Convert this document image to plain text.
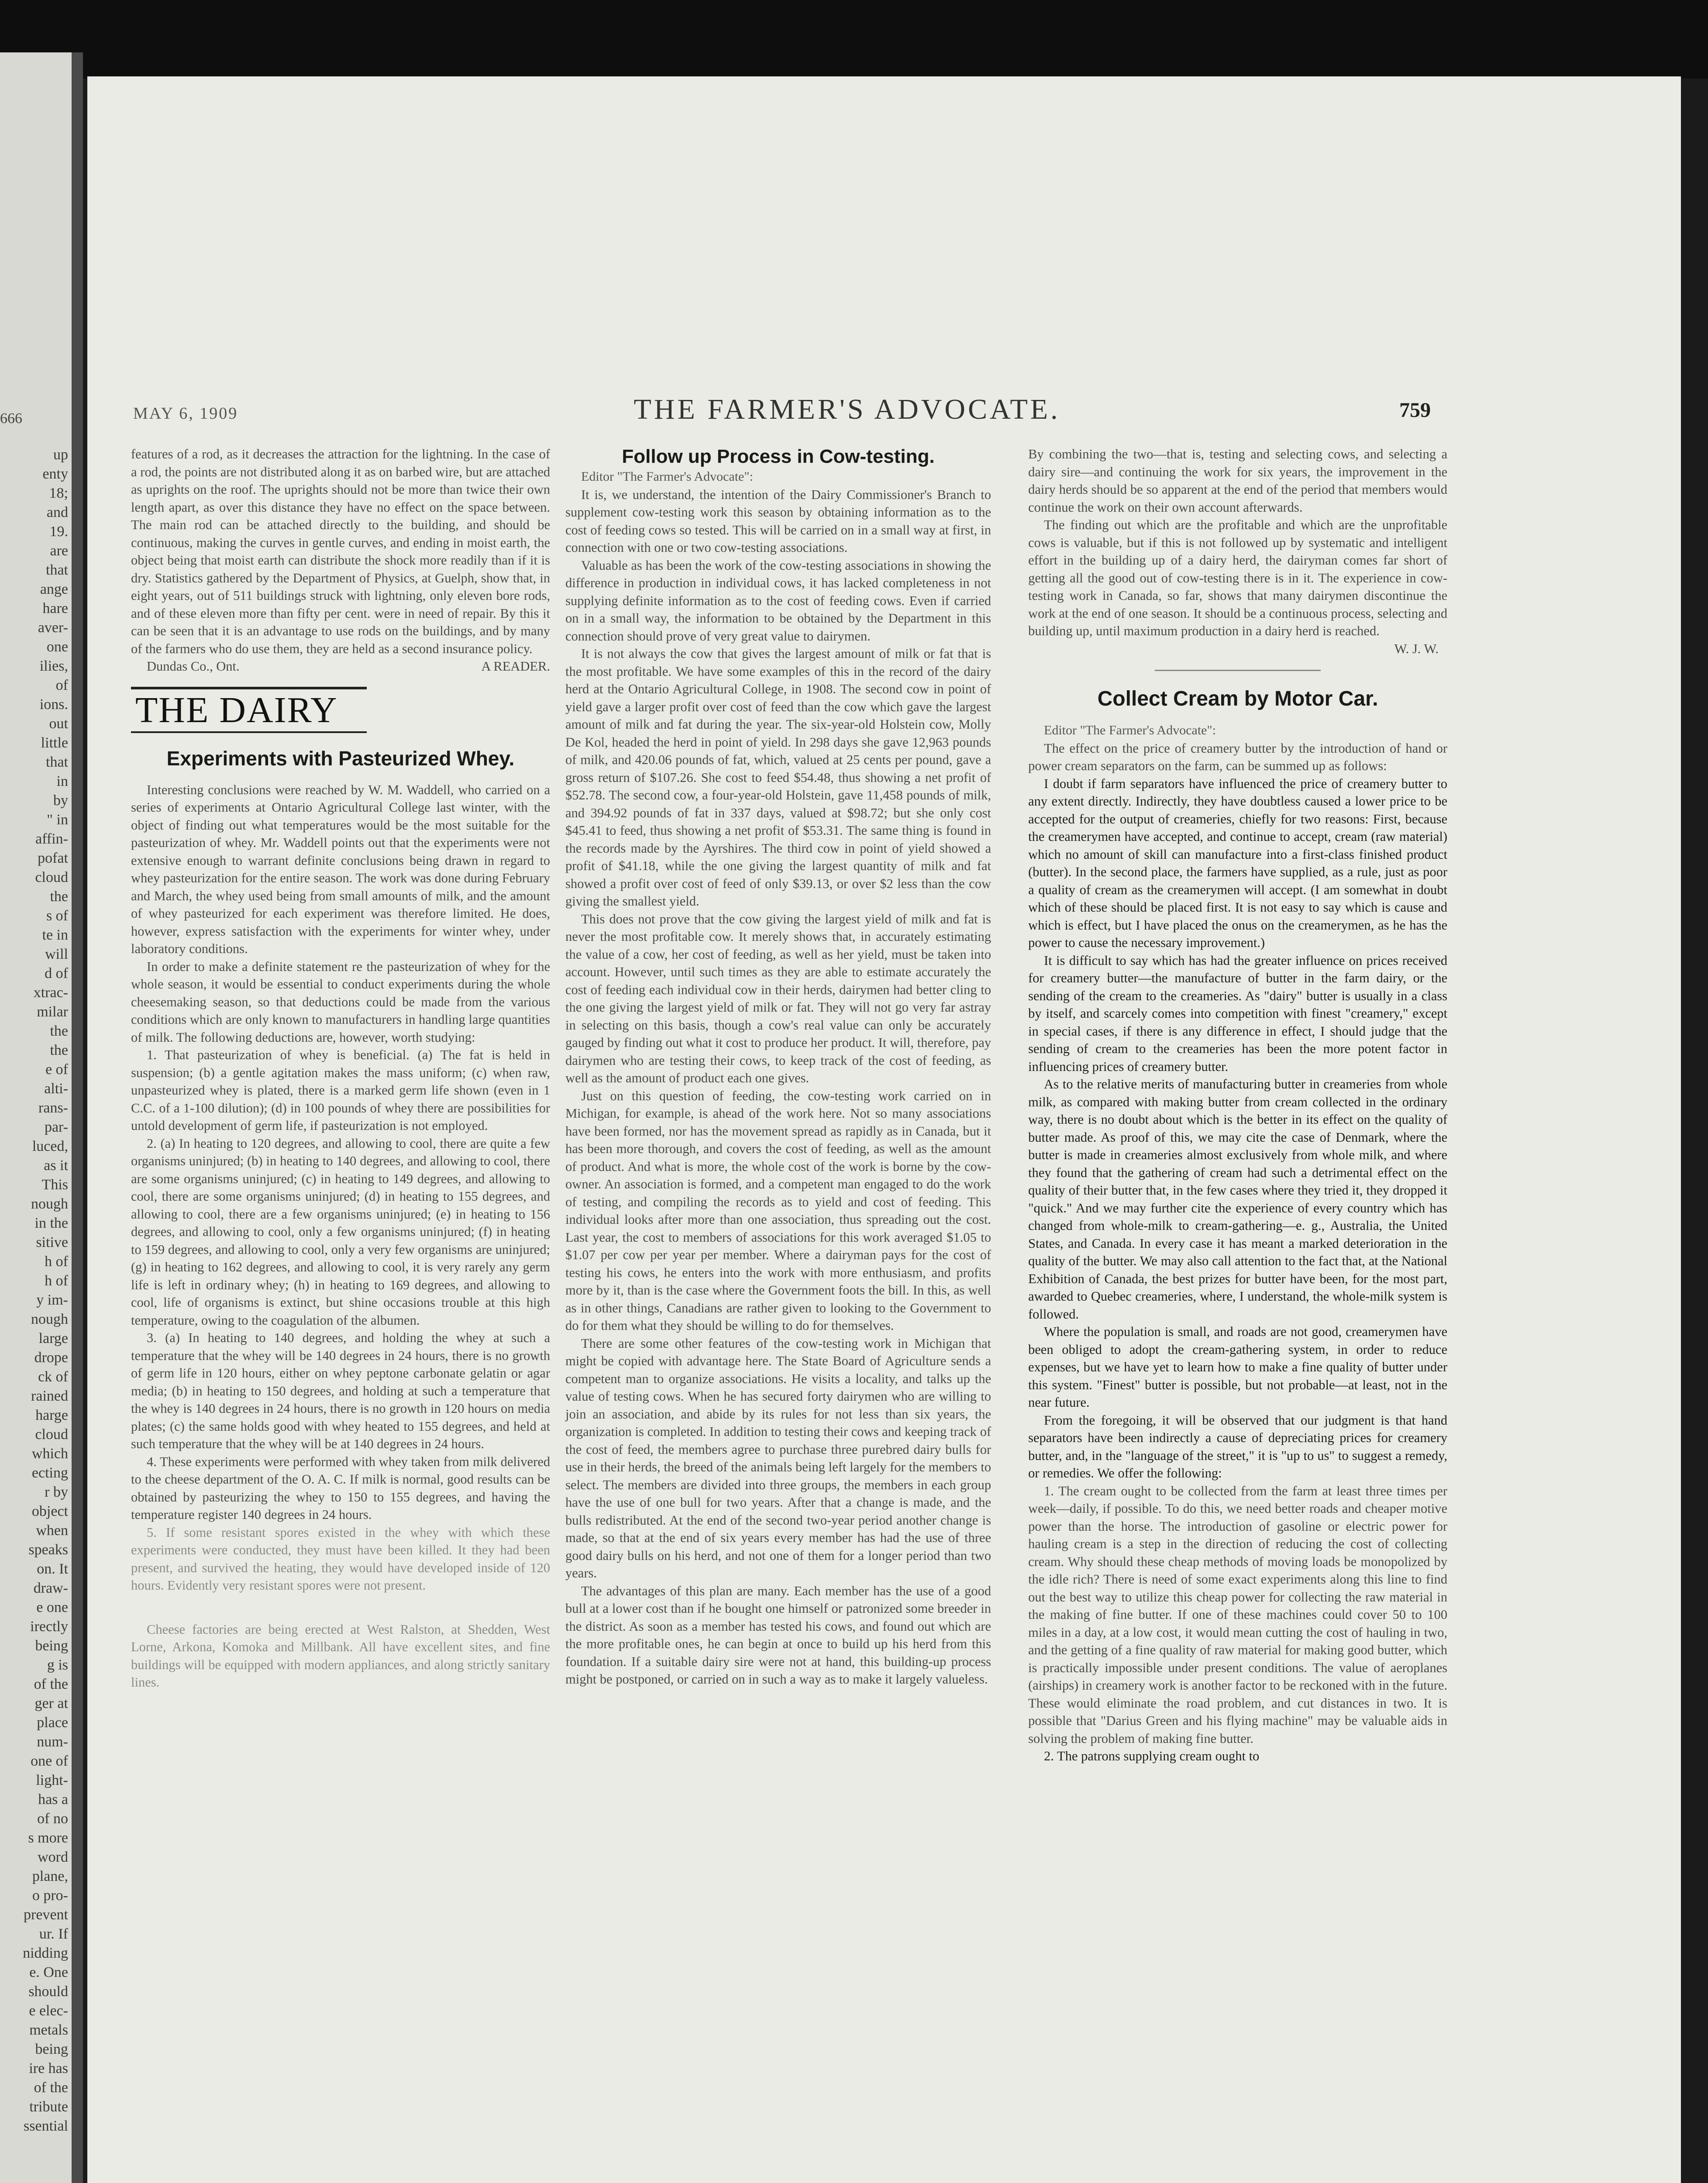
666
up
enty
18;
and
19.
are
that
ange
hare
aver-
one
ilies,
of
ions.
out
little
that
in
by
" in
affin-
pofat
cloud
the
s of
te in
will
d of
xtrac-
milar
the
the
e of
alti-
rans-
par-
luced,
as it
This
nough
in the
sitive
h of
h of
y im-
nough
large
drope
ck of
rained
harge
cloud
which
ecting
r by
object
when
speaks
on. It
draw-
e one
irectly
being
g is
of the
ger at
place
num-
one of
light-
has a
of no
s more
word
plane,
o pro-
prevent
ur. If
nidding
e. One
should
e elec-
metals
being
ire has
of the
tribute
ssential
MAY 6, 1909	THE FARMER'S ADVOCATE.	759

features of a rod, as it decreases the attraction for the lightning. In the case of a rod, the points are not distributed along it as on barbed wire, but are attached as uprights on the roof. The uprights should not be more than twice their own length apart, as over this distance they have no effect on the space between. The main rod can be attached directly to the building, and should be continuous, making the curves in gentle curves, and ending in moist earth, the object being that moist earth can distribute the shock more readily than if it is dry. Statistics gathered by the Department of Physics, at Guelph, show that, in eight years, out of 511 buildings struck with lightning, only eleven bore rods, and of these eleven more than fifty per cent. were in need of repair. By this it can be seen that it is an advantage to use rods on the buildings, and by many of the farmers who do use them, they are held as a second insurance policy.

Dundas Co., Ont.	A READER.
THE DAIRY
Experiments with Pasteurized Whey.

Interesting conclusions were reached by W. M. Waddell, who carried on a series of experiments at Ontario Agricultural College last winter, with the object of finding out what temperatures would be the most suitable for the pasteurization of whey. Mr. Waddell points out that the experiments were not extensive enough to warrant definite conclusions being drawn in regard to whey pasteurization for the entire season. The work was done during February and March, the whey used being from small amounts of milk, and the amount of whey pasteurized for each experiment was therefore limited. He does, however, express satisfaction with the experiments for winter whey, under laboratory conditions.

In order to make a definite statement re the pasteurization of whey for the whole season, it would be essential to conduct experiments during the whole cheesemaking season, so that deductions could be made from the various conditions which are only known to manufacturers in handling large quantities of milk. The following deductions are, however, worth studying:

1. That pasteurization of whey is beneficial. (a) The fat is held in suspension; (b) a gentle agitation makes the mass uniform; (c) when raw, unpasteurized whey is plated, there is a marked germ life shown (even in 1 C.C. of a 1-100 dilution); (d) in 100 pounds of whey there are possibilities for untold development of germ life, if pasteurization is not employed.

2. (a) In heating to 120 degrees, and allowing to cool, there are quite a few organisms uninjured; (b) in heating to 140 degrees, and allowing to cool, there are some organisms uninjured; (c) in heating to 149 degrees, and allowing to cool, there are some organisms uninjured; (d) in heating to 155 degrees, and allowing to cool, there are a few organisms uninjured; (e) in heating to 156 degrees, and allowing to cool, only a few organisms uninjured; (f) in heating to 159 degrees, and allowing to cool, only a very few organisms are uninjured; (g) in heating to 162 degrees, and allowing to cool, it is very rarely any germ life is left in ordinary whey; (h) in heating to 169 degrees, and allowing to cool, life of organisms is extinct, but shine occasions trouble at this high temperature, owing to the coagulation of the albumen.

3. (a) In heating to 140 degrees, and holding the whey at such a temperature that the whey will be 140 degrees in 24 hours, there is no growth of germ life in 120 hours, either on whey peptone carbonate gelatin or agar media; (b) in heating to 150 degrees, and holding at such a temperature that the whey is 140 degrees in 24 hours, there is no growth in 120 hours on media plates; (c) the same holds good with whey heated to 155 degrees, and held at such temperature that the whey will be at 140 degrees in 24 hours.

4. These experiments were performed with whey taken from milk delivered to the cheese department of the O. A. C. If milk is normal, good results can be obtained by pasteurizing the whey to 150 to 155 degrees, and having the temperature register 140 degrees in 24 hours.

5. If some resistant spores existed in the whey with which these experiments were conducted, they must have been killed. It they had been present, and survived the heating, they would have developed inside of 120 hours. Evidently very resistant spores were not present.

Cheese factories are being erected at West Ralston, at Shedden, West Lorne, Arkona, Komoka and Millbank. All have excellent sites, and fine buildings will be equipped with modern appliances, and along strictly sanitary lines.

Follow up Process in Cow-testing.

Editor "The Farmer's Advocate":

It is, we understand, the intention of the Dairy Commissioner's Branch to supplement cow-testing work this season by obtaining information as to the cost of feeding cows so tested. This will be carried on in a small way at first, in connection with one or two cow-testing associations.

Valuable as has been the work of the cow-testing associations in showing the difference in production in individual cows, it has lacked completeness in not supplying definite information as to the cost of feeding cows. Even if carried on in a small way, the information to be obtained by the Department in this connection should prove of very great value to dairymen.

It is not always the cow that gives the largest amount of milk or fat that is the most profitable. We have some examples of this in the record of the dairy herd at the Ontario Agricultural College, in 1908. The second cow in point of yield gave a larger profit over cost of feed than the cow which gave the largest amount of milk and fat during the year. The six-year-old Holstein cow, Molly De Kol, headed the herd in point of yield. In 298 days she gave 12,963 pounds of milk, and 420.06 pounds of fat, which, valued at 25 cents per pound, gave a gross return of $107.26. She cost to feed $54.48, thus showing a net profit of $52.78. The second cow, a four-year-old Holstein, gave 11,458 pounds of milk, and 394.92 pounds of fat in 337 days, valued at $98.72; but she only cost $45.41 to feed, thus showing a net profit of $53.31. The same thing is found in the records made by the Ayrshires. The third cow in point of yield showed a profit of $41.18, while the one giving the largest quantity of milk and fat showed a profit over cost of feed of only $39.13, or over $2 less than the cow giving the smallest yield.

This does not prove that the cow giving the largest yield of milk and fat is never the most profitable cow. It merely shows that, in accurately estimating the value of a cow, her cost of feeding, as well as her yield, must be taken into account. However, until such times as they are able to estimate accurately the cost of feeding each individual cow in their herds, dairymen had better cling to the one giving the largest yield of milk or fat. They will not go very far astray in selecting on this basis, though a cow's real value can only be accurately gauged by finding out what it cost to produce her product. It will, therefore, pay dairymen who are testing their cows, to keep track of the cost of feeding, as well as the amount of product each one gives.

Just on this question of feeding, the cow-testing work carried on in Michigan, for example, is ahead of the work here. Not so many associations have been formed, nor has the movement spread as rapidly as in Canada, but it has been more thorough, and covers the cost of feeding, as well as the amount of product. And what is more, the whole cost of the work is borne by the cow-owner. An association is formed, and a competent man engaged to do the work of testing, and compiling the records as to yield and cost of feeding. This individual looks after more than one association, thus spreading out the cost. Last year, the cost to members of associations for this work averaged $1.05 to $1.07 per cow per year per member. Where a dairyman pays for the cost of testing his cows, he enters into the work with more enthusiasm, and profits more by it, than is the case where the Government foots the bill. In this, as well as in other things, Canadians are rather given to looking to the Government to do for them what they should be willing to do for themselves.

There are some other features of the cow-testing work in Michigan that might be copied with advantage here. The State Board of Agriculture sends a competent man to organize associations. He visits a locality, and talks up the value of testing cows. When he has secured forty dairymen who are willing to join an association, and abide by its rules for not less than six years, the organization is completed. In addition to testing their cows and keeping track of the cost of feed, the members agree to purchase three purebred dairy bulls for use in their herds, the breed of the animals being left largely for the members to select. The members are divided into three groups, the members in each group have the use of one bull for two years. After that a change is made, and the bulls redistributed. At the end of the second two-year period another change is made, so that at the end of six years every member has had the use of three good dairy bulls on his herd, and not one of them for a longer period than two years.

The advantages of this plan are many. Each member has the use of a good bull at a lower cost than if he bought one himself or patronized some breeder in the district. As soon as a member has tested his cows, and found out which are the more profitable ones, he can begin at once to build up his herd from this foundation. If a suitable dairy sire were not at hand, this building-up process might be postponed, or carried on in such a way as to make it largely valueless.

By combining the two—that is, testing and selecting cows, and selecting a dairy sire—and continuing the work for six years, the improvement in the dairy herds should be so apparent at the end of the period that members would continue the work on their own account afterwards.

The finding out which are the profitable and which are the unprofitable cows is valuable, but if this is not followed up by systematic and intelligent effort in the building up of a dairy herd, the dairyman comes far short of getting all the good out of cow-testing there is in it. The experience in cow-testing work in Canada, so far, shows that many dairymen discontinue the work at the end of one season. It should be a continuous process, selecting and building up, until maximum production in a dairy herd is reached.

W. J. W.
Collect Cream by Motor Car.

Editor "The Farmer's Advocate":

The effect on the price of creamery butter by the introduction of hand or power cream separators on the farm, can be summed up as follows:

I doubt if farm separators have influenced the price of creamery butter to any extent directly. Indirectly, they have doubtless caused a lower price to be accepted for the output of creameries, chiefly for two reasons: First, because the creamerymen have accepted, and continue to accept, cream (raw material) which no amount of skill can manufacture into a first-class finished product (butter). In the second place, the farmers have supplied, as a rule, just as poor a quality of cream as the creamerymen will accept. (I am somewhat in doubt which of these should be placed first. It is not easy to say which is cause and which is effect, but I have placed the onus on the creamerymen, as he has the power to cause the necessary improvement.)

It is difficult to say which has had the greater influence on prices received for creamery butter—the manufacture of butter in the farm dairy, or the sending of the cream to the creameries. As "dairy" butter is usually in a class by itself, and scarcely comes into competition with finest "creamery," except in special cases, if there is any difference in effect, I should judge that the sending of cream to the creameries has been the more potent factor in influencing prices of creamery butter.

As to the relative merits of manufacturing butter in creameries from whole milk, as compared with making butter from cream collected in the ordinary way, there is no doubt about which is the better in its effect on the quality of butter made. As proof of this, we may cite the case of Denmark, where the butter is made in creameries almost exclusively from whole milk, and where they found that the gathering of cream had such a detrimental effect on the quality of their butter that, in the few cases where they tried it, they dropped it "quick." And we may further cite the experience of every country which has changed from whole-milk to cream-gathering—e. g., Australia, the United States, and Canada. In every case it has meant a marked deterioration in the quality of the butter. We may also call attention to the fact that, at the National Exhibition of Canada, the best prizes for butter have been, for the most part, awarded to Quebec creameries, where, I understand, the whole-milk system is followed.

Where the population is small, and roads are not good, creamerymen have been obliged to adopt the cream-gathering system, in order to reduce expenses, but we have yet to learn how to make a fine quality of butter under this system. "Finest" butter is possible, but not probable—at least, not in the near future.

From the foregoing, it will be observed that our judgment is that hand separators have been indirectly a cause of depreciating prices for creamery butter, and, in the "language of the street," it is "up to us" to suggest a remedy, or remedies. We offer the following:

1. The cream ought to be collected from the farm at least three times per week—daily, if possible. To do this, we need better roads and cheaper motive power than the horse. The introduction of gasoline or electric power for hauling cream is a step in the direction of reducing the cost of collecting cream. Why should these cheap methods of moving loads be monopolized by the idle rich? There is need of some exact experiments along this line to find out the best way to utilize this cheap power for collecting the raw material in the making of fine butter. If one of these machines could cover 50 to 100 miles in a day, at a low cost, it would mean cutting the cost of hauling in two, and the getting of a fine quality of raw material for making good butter, which is practically impossible under present conditions. The value of aeroplanes (airships) in creamery work is another factor to be reckoned with in the future. These would eliminate the road problem, and cut distances in two. It is possible that "Darius Green and his flying machine" may be valuable aids in solving the problem of making fine butter.

2. The patrons supplying cream ought to
